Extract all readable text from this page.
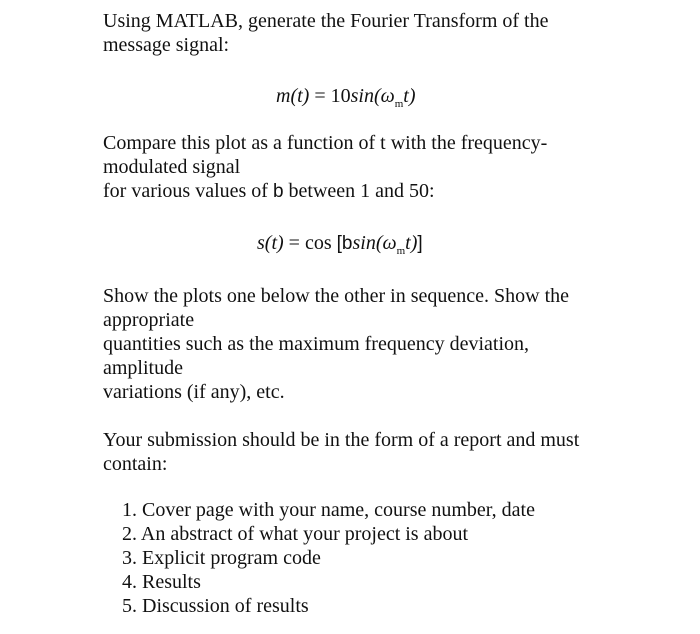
Using MATLAB, generate the Fourier Transform of the
message signal:
$m(t) = 10\sin(\omega_mt)$
Compare this plot as a function of t with the frequency-
modulated signal
for various values of b between 1 and 50:
$s(t) = \cos [bsin(\omega_mt)]$
Show the plots one below the other in sequence. Show the
appropriate
quantities such as the maximum frequency deviation,
amplitude
variations (if any), etc.
Your submission should be in the form of a report and must
contain:
1. Cover page with your name, course number, date
2. An abstract of what your project is about
3. Explicit program code
4. Results
5. Discussion of results
